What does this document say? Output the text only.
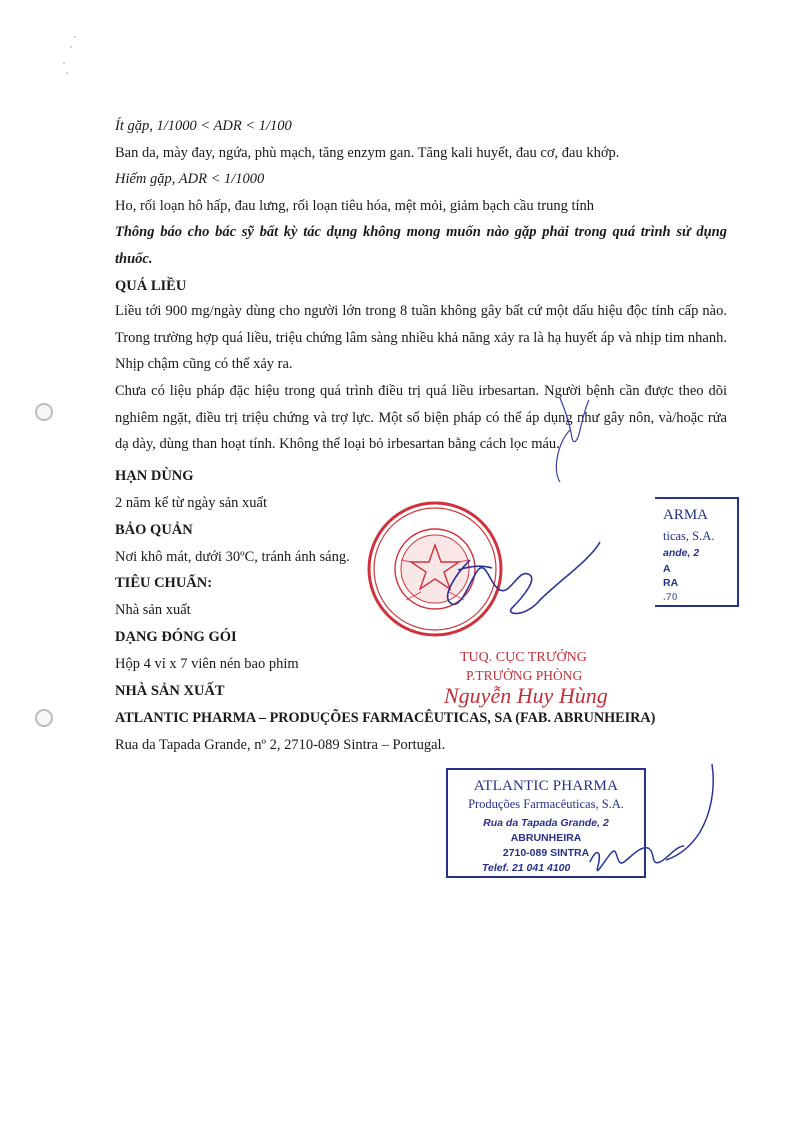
Ít gặp, 1/1000 < ADR < 1/100
Ban da, mày đay, ngứa, phù mạch, tăng enzym gan. Tăng kali huyết, đau cơ, đau khớp.
Hiếm gặp, ADR < 1/1000
Ho, rối loạn hô hấp, đau lưng, rối loạn tiêu hóa, mệt mỏi, giảm bạch cầu trung tính
Thông báo cho bác sỹ bất kỳ tác dụng không mong muốn nào gặp phải trong quá trình sử dụng thuốc.
QUÁ LIỀU
Liều tới 900 mg/ngày dùng cho người lớn trong 8 tuần không gây bất cứ một dấu hiệu độc tính cấp nào. Trong trường hợp quá liều, triệu chứng lâm sàng nhiều khả năng xảy ra là hạ huyết áp và nhịp tim nhanh. Nhịp chậm cũng có thể xảy ra.
Chưa có liệu pháp đặc hiệu trong quá trình điều trị quá liều irbesartan. Người bệnh cần được theo dõi nghiêm ngặt, điều trị triệu chứng và trợ lực. Một số biện pháp có thể áp dụng như gây nôn, và/hoặc rửa dạ dày, dùng than hoạt tính. Không thể loại bỏ irbesartan bằng cách lọc máu.
HẠN DÙNG
2 năm kể từ ngày sản xuất
BẢO QUẢN
Nơi khô mát, dưới 30ºC, tránh ánh sáng.
TIÊU CHUẨN:
Nhà sản xuất
DẠNG ĐÓNG GÓI
Hộp 4 vỉ x 7 viên nén bao phim
NHÀ SẢN XUẤT
ATLANTIC PHARMA – PRODUÇÕES FARMACÊUTICAS, SA (FAB. ABRUNHEIRA)
Rua da Tapada Grande, nº 2, 2710-089 Sintra – Portugal.
ARMA
ticas, S.A.
ande, 2
A
RA
.70
TUQ. CỤC TRƯỞNG
P.TRƯỞNG PHÒNG
Nguyễn Huy Hùng
ATLANTIC PHARMA
Produções Farmacêuticas, S.A.
Rua da Tapada Grande, 2
ABRUNHEIRA
2710-089 SINTRA
Telef. 21 041 4100
